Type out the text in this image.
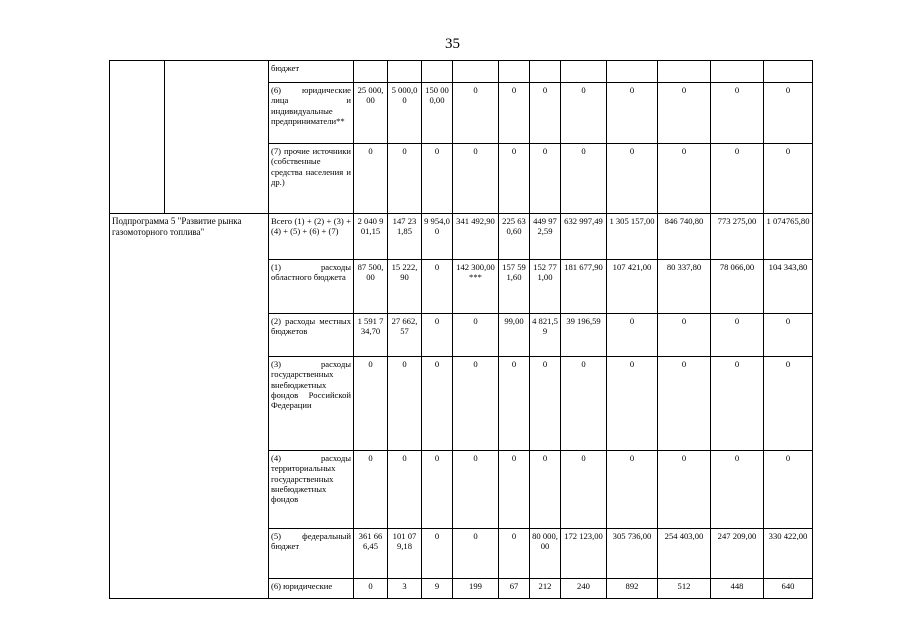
35
		бюджет											
		(6) юридические лица и индивидуальные предприниматели**	25 000,00	5 000,00	150 000,00	0	0	0	0	0	0	0	0
		(7) прочие источники (собственные средства населения и др.)	0	0	0	0	0	0	0	0	0	0	0
Подпрограмма 5 "Развитие рынка газомоторного топлива"		Всего (1) + (2) + (3) + (4) + (5) + (6) + (7)	2 040 901,15	147 231,85	9 954,00	341 492,90	225 630,60	449 972,59	632 997,49	1 305 157,00	846 740,80	773 275,00	1 074765,80
		(1) расходы областного бюджета	87 500,00	15 222,90	0	142 300,00***	157 591,60	152 771,00	181 677,90	107 421,00	80 337,80	78 066,00	104 343,80
		(2) расходы местных бюджетов	1 591 734,70	27 662,57	0	0	99,00	4 821,59	39 196,59	0	0	0	0
		(3) расходы государственных внебюджетных фондов Российской Федерации	0	0	0	0	0	0	0	0	0	0	0
		(4) расходы территориальных государственных внебюджетных фондов	0	0	0	0	0	0	0	0	0	0	0
		(5) федеральный бюджет	361 666,45	101 079,18	0	0	0	80 000,00	172 123,00	305 736,00	254 403,00	247 209,00	330 422,00
		(6) юридические	0	3	9	199	67	212	240	892	512	448	640
